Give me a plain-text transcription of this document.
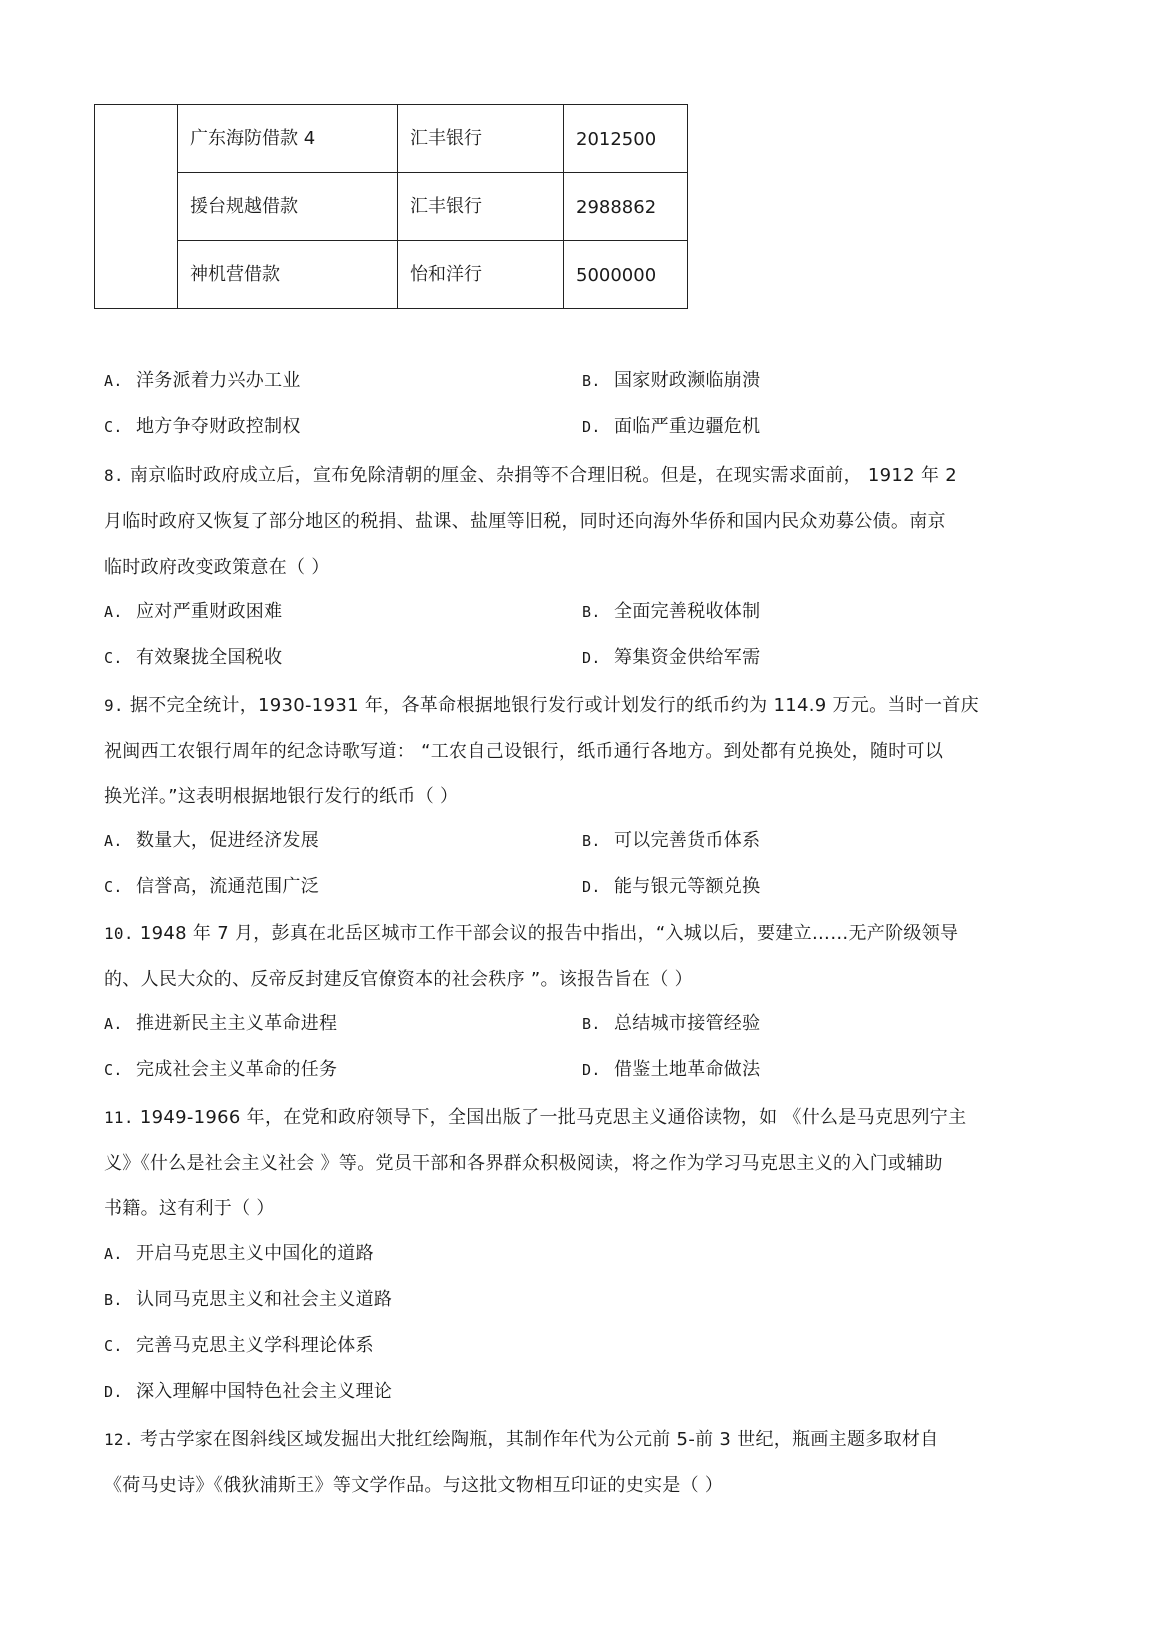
	广东海防借款 4	汇丰银行	2012500
	援台规越借款	汇丰银行	2988862
	神机营借款	怡和洋行	5000000
A. 洋务派着力兴办工业	B. 国家财政濒临崩溃
C. 地方争夺财政控制权	D. 面临严重边疆危机
8. 南京临时政府成立后，宣布免除清朝的厘金、杂捐等不合理旧税。但是，在现实需求面前， 1912 年 2
月临时政府又恢复了部分地区的税捐、盐课、盐厘等旧税，同时还向海外华侨和国内民众劝募公债。南京
临时政府改变政策意在（ ）
A. 应对严重财政困难	B. 全面完善税收体制
C. 有效聚拢全国税收	D. 筹集资金供给军需
9. 据不完全统计，1930-1931 年，各革命根据地银行发行或计划发行的纸币约为 114.9 万元。当时一首庆
祝闽西工农银行周年的纪念诗歌写道： “工农自己设银行，纸币通行各地方。到处都有兑换处，随时可以
换光洋。”这表明根据地银行发行的纸币（ ）
A. 数量大，促进经济发展	B. 可以完善货币体系
C. 信誉高，流通范围广泛	D. 能与银元等额兑换
10. 1948 年 7 月，彭真在北岳区城市工作干部会议的报告中指出，“入城以后，要建立……无产阶级领导
的、人民大众的、反帝反封建反官僚资本的社会秩序 ”。该报告旨在（ ）
A. 推进新民主主义革命进程	B. 总结城市接管经验
C. 完成社会主义革命的任务	D. 借鉴土地革命做法
11. 1949-1966 年，在党和政府领导下，全国出版了一批马克思主义通俗读物，如 《什么是马克思列宁主
义》《什么是社会主义社会 》等。党员干部和各界群众积极阅读，将之作为学习马克思主义的入门或辅助
书籍。这有利于（ ）
A. 开启马克思主义中国化的道路
B. 认同马克思主义和社会主义道路
C. 完善马克思主义学科理论体系
D. 深入理解中国特色社会主义理论
12. 考古学家在图斜线区域发掘出大批红绘陶瓶，其制作年代为公元前 5-前 3 世纪，瓶画主题多取材自
《荷马史诗》《俄狄浦斯王》等文学作品。与这批文物相互印证的史实是（ ）
